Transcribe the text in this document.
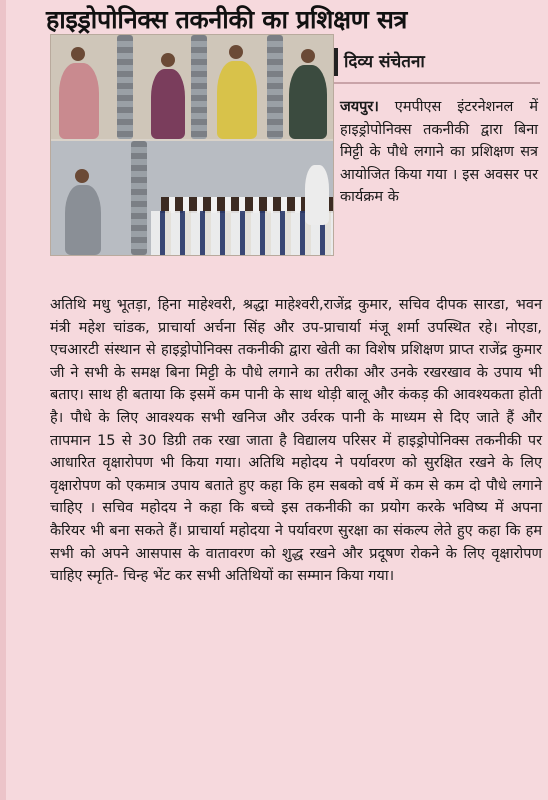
हाइड्रोपोनिक्स तकनीकी का प्रशिक्षण सत्र
दिव्य संचेतना
जयपुर। एमपीएस इंटरनेशनल में हाइड्रोपोनिक्स तकनीकी द्वारा बिना मिट्टी के पौधे लगाने का प्रशिक्षण सत्र आयोजित किया गया । इस अवसर पर कार्यक्रम के
अतिथि मधु भूतड़ा, हिना माहेश्वरी, श्रद्धा माहेश्वरी,राजेंद्र कुमार, सचिव दीपक सारडा, भवन मंत्री महेश चांडक, प्राचार्या अर्चना सिंह और उप-प्राचार्या मंजू शर्मा उपस्थित रहे। नोएडा, एचआरटी संस्थान से हाइड्रोपोनिक्स तकनीकी द्वारा खेती का विशेष प्रशिक्षण प्राप्त राजेंद्र कुमार जी ने सभी के समक्ष बिना मिट्टी के पौधे लगाने का तरीका और उनके रखरखाव के उपाय भी बताए। साथ ही बताया कि इसमें कम पानी के साथ थोड़ी बालू और कंकड़ की आवश्यकता होती है। पौधे के लिए आवश्यक सभी खनिज और उर्वरक पानी के माध्यम से दिए जाते हैं और तापमान 15 से 30 डिग्री तक रखा जाता है विद्यालय परिसर में हाइड्रोपोनिक्स तकनीकी पर आधारित वृक्षारोपण भी किया गया। अतिथि महोदय ने पर्यावरण को सुरक्षित रखने के लिए वृक्षारोपण को एकमात्र उपाय बताते हुए कहा कि हम सबको वर्ष में कम से कम दो पौधे लगाने चाहिए । सचिव महोदय ने कहा कि बच्चे इस तकनीकी का प्रयोग करके भविष्य में अपना कैरियर भी बना सकते हैं। प्राचार्या महोदया ने पर्यावरण सुरक्षा का संकल्प लेते हुए कहा कि हम सभी को अपने आसपास के वातावरण को शुद्ध रखने और प्रदूषण रोकने के लिए वृक्षारोपण चाहिए स्मृति- चिन्ह भेंट कर सभी अतिथियों का सम्मान किया गया।
